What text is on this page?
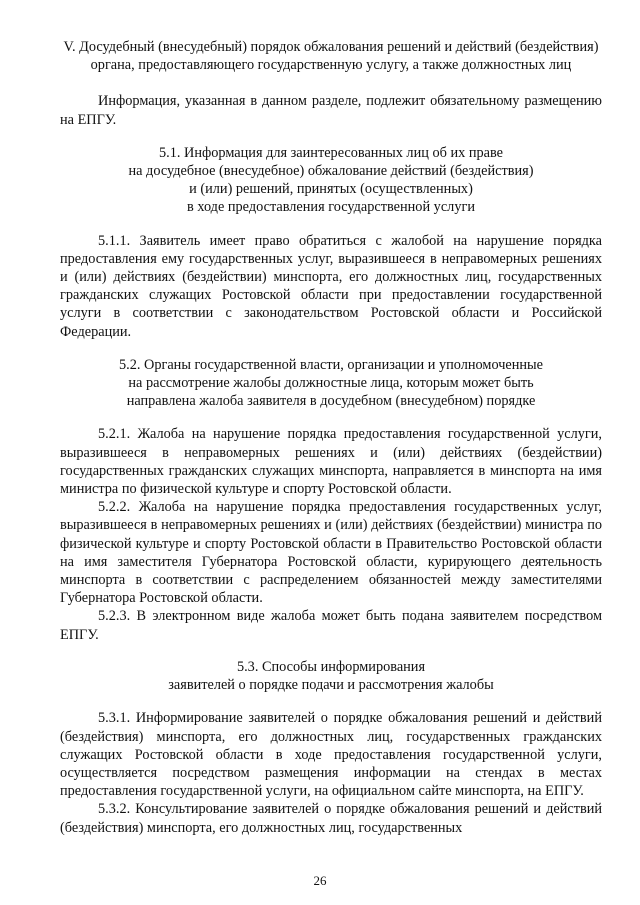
V. Досудебный (внесудебный) порядок обжалования решений и действий (бездействия) органа, предоставляющего государственную услугу, а также должностных лиц

Информация, указанная в данном разделе, подлежит обязательному размещению на ЕПГУ.

5.1. Информация для заинтересованных лиц об их праве
на досудебное (внесудебное) обжалование действий (бездействия)
и (или) решений, принятых (осуществленных)
в ходе предоставления государственной услуги

5.1.1. Заявитель имеет право обратиться с жалобой на нарушение порядка предоставления ему государственных услуг, выразившееся в неправомерных решениях и (или) действиях (бездействии) минспорта, его должностных лиц, государственных гражданских служащих Ростовской области при предоставлении государственной услуги в соответствии с законодательством Ростовской области и Российской Федерации.

5.2. Органы государственной власти, организации и уполномоченные
на рассмотрение жалобы должностные лица, которым может быть
направлена жалоба заявителя в досудебном (внесудебном) порядке

5.2.1. Жалоба на нарушение порядка предоставления государственной услуги, выразившееся в неправомерных решениях и (или) действиях (бездействии) государственных гражданских служащих минспорта, направляется в минспорта на имя министра по физической культуре и спорту Ростовской области.

5.2.2. Жалоба на нарушение порядка предоставления государственных услуг, выразившееся в неправомерных решениях и (или) действиях (бездействии) министра по физической культуре и спорту Ростовской области в Правительство Ростовской области на имя заместителя Губернатора Ростовской области, курирующего деятельность минспорта в соответствии с распределением обязанностей между заместителями Губернатора Ростовской области.

5.2.3. В электронном виде жалоба может быть подана заявителем посредством ЕПГУ.

5.3. Способы информирования
заявителей о порядке подачи и рассмотрения жалобы

5.3.1. Информирование заявителей о порядке обжалования решений и действий (бездействия) минспорта, его должностных лиц, государственных гражданских служащих Ростовской области в ходе предоставления государственной услуги, осуществляется посредством размещения информации на стендах в местах предоставления государственной услуги, на официальном сайте минспорта, на ЕПГУ.

5.3.2. Консультирование заявителей о порядке обжалования решений и действий (бездействия) минспорта, его должностных лиц, государственных

26
